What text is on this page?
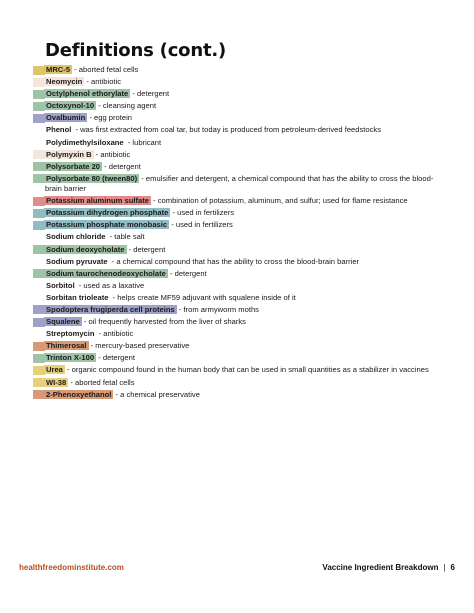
Definitions (cont.)
MRC-5 - aborted fetal cells
Neomycin - antibiotic
Octylphenol ethorylate - detergent
Octoxynol-10 - cleansing agent
Ovalbumin - egg protein
Phenol - was first extracted from coal tar, but today is produced from petroleum-derived feedstocks
Polydimethylsiloxane - lubricant
Polymyxin B - antibiotic
Polysorbate 20 - detergent
Polysorbate 80 (tween80) - emulsifier and detergent, a chemical compound that has the ability to cross the blood-brain barrier
Potassium aluminum sulfate - combination of potassium, aluminum, and sulfur; used for flame resistance
Potassium dihydrogen phosphate - used in fertilizers
Potassium phosphate monobasic - used in fertilizers
Sodium chloride - table salt
Sodium deoxycholate - detergent
Sodium pyruvate - a chemical compound that has the ability to cross the blood-brain barrier
Sodium taurochenodeoxycholate - detergent
Sorbitol - used as a laxative
Sorbitan trioleate - helps create MF59 adjuvant with squalene inside of it
Spodoptera frugiperda cell proteins - from armyworm moths
Squalene - oil frequently harvested from the liver of sharks
Streptomycin - antibiotic
Thimerosal - mercury-based preservative
Trinton X-100 - detergent
Urea - organic compound found in the human body that can be used in small quantities as a stabilizer in vaccines
WI-38 - aborted fetal cells
2-Phenoxyethanol - a chemical preservative
healthfreedominstitute.com	Vaccine Ingredient Breakdown | 6
